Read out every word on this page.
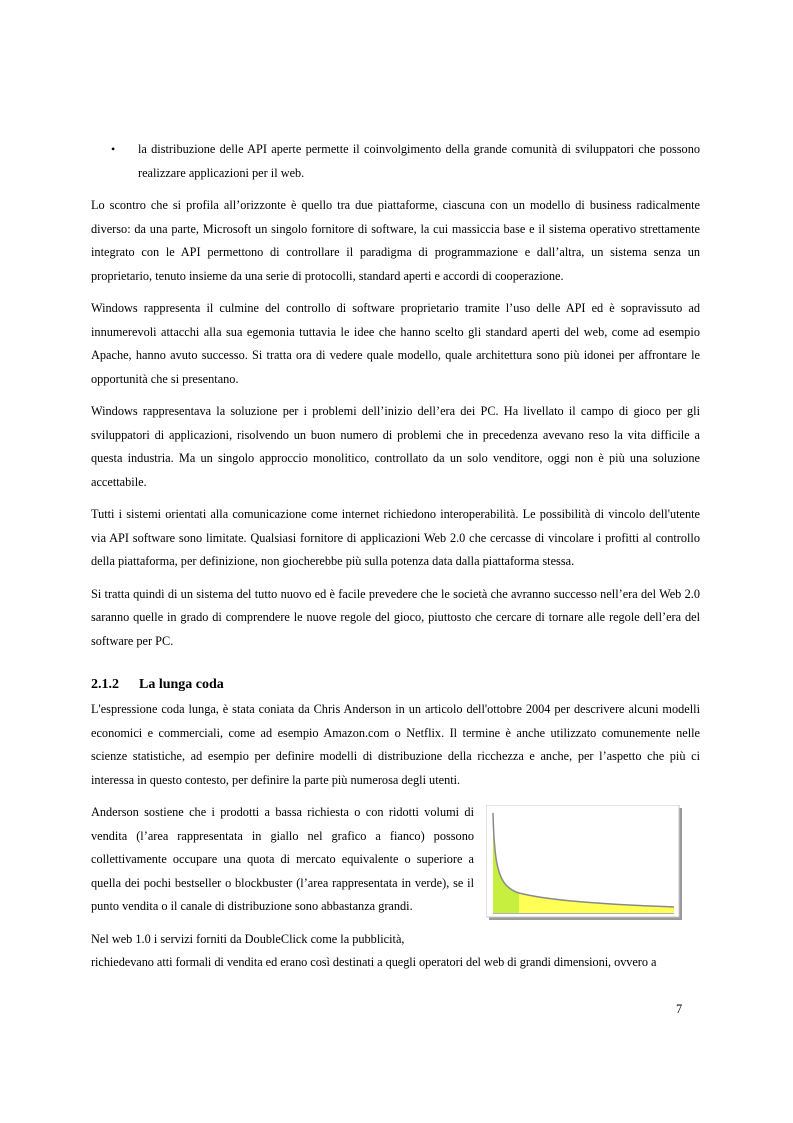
• la distribuzione delle API aperte permette il coinvolgimento della grande comunità di sviluppatori che possono realizzare applicazioni per il web.

Lo scontro che si profila all’orizzonte è quello tra due piattaforme, ciascuna con un modello di business radicalmente diverso: da una parte, Microsoft un singolo fornitore di software, la cui massiccia base e il sistema operativo strettamente integrato con le API permettono di controllare il paradigma di programmazione e dall’altra, un sistema senza un proprietario, tenuto insieme da una serie di protocolli, standard aperti e accordi di cooperazione.

Windows rappresenta il culmine del controllo di software proprietario tramite l’uso delle API ed è sopravissuto ad innumerevoli attacchi alla sua egemonia tuttavia le idee che hanno scelto gli standard aperti del web, come ad esempio Apache, hanno avuto successo. Si tratta ora di vedere quale modello, quale architettura sono più idonei per affrontare le opportunità che si presentano.

Windows rappresentava la soluzione per i problemi dell’inizio dell’era dei PC. Ha livellato il campo di gioco per gli sviluppatori di applicazioni, risolvendo un buon numero di problemi che in precedenza avevano reso la vita difficile a questa industria. Ma un singolo approccio monolitico, controllato da un solo venditore, oggi non è più una soluzione accettabile.

Tutti i sistemi orientati alla comunicazione come internet richiedono interoperabilità. Le possibilità di vincolo dell'utente via API software sono limitate. Qualsiasi fornitore di applicazioni Web 2.0 che cercasse di vincolare i profitti al controllo della piattaforma, per definizione, non giocherebbe più sulla potenza data dalla piattaforma stessa.

Si tratta quindi di un sistema del tutto nuovo ed è facile prevedere che le società che avranno successo nell’era del Web 2.0 saranno quelle in grado di comprendere le nuove regole del gioco, piuttosto che cercare di tornare alle regole dell’era del software per PC.

2.1.2 La lunga coda

L'espressione coda lunga, è stata coniata da Chris Anderson in un articolo dell'ottobre 2004 per descrivere alcuni modelli economici e commerciali, come ad esempio Amazon.com o Netflix. Il termine è anche utilizzato comunemente nelle scienze statistiche, ad esempio per definire modelli di distribuzione della ricchezza e anche, per l’aspetto che più ci interessa in questo contesto, per definire la parte più numerosa degli utenti.

Anderson sostiene che i prodotti a bassa richiesta o con ridotti volumi di vendita (l’area rappresentata in giallo nel grafico a fianco) possono collettivamente occupare una quota di mercato equivalente o superiore a quella dei pochi bestseller o blockbuster (l’area rappresentata in verde), se il punto vendita o il canale di distribuzione sono abbastanza grandi.

Nel web 1.0 i servizi forniti da DoubleClick come la pubblicità,

richiedevano atti formali di vendita ed erano così destinati a quegli operatori del web di grandi dimensioni, ovvero a

7
